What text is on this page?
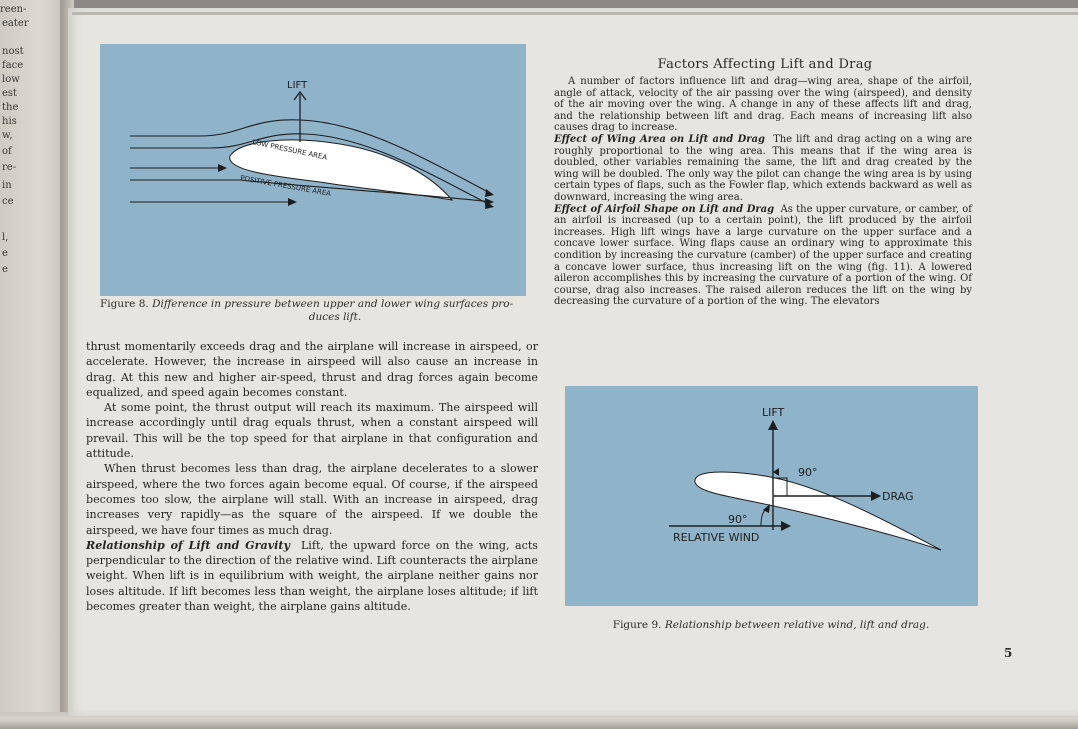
reen-
eater
nost
face
low
est
the
his
w,
of
re-
in
ce
l,
e
e
LIFT
LOW PRESSURE AREA
POSITIVE PRESSURE AREA
Figure 8. Difference in pressure between upper and lower wing surfaces pro-

duces lift.

thrust momentarily exceeds drag and the airplane will increase in airspeed, or accelerate. However, the increase in airspeed will also cause an increase in drag. At this new and higher air-speed, thrust and drag forces again become equalized, and speed again becomes constant.

At some point, the thrust output will reach its maximum. The airspeed will increase accordingly until drag equals thrust, when a constant airspeed will prevail. This will be the top speed for that airplane in that configuration and attitude.

When thrust becomes less than drag, the airplane decelerates to a slower airspeed, where the two forces again become equal. Of course, if the airspeed becomes too slow, the airplane will stall. With an increase in airspeed, drag increases very rapidly—as the square of the airspeed. If we double the airspeed, we have four times as much drag.

Relationship of Lift and Gravity Lift, the upward force on the wing, acts perpendicular to the direction of the relative wind. Lift counteracts the airplane weight. When lift is in equilibrium with weight, the airplane neither gains nor loses altitude. If lift becomes less than weight, the airplane loses altitude; if lift becomes greater than weight, the airplane gains altitude.

Factors Affecting Lift and Drag

A number of factors influence lift and drag—wing area, shape of the airfoil, angle of attack, velocity of the air passing over the wing (airspeed), and density of the air moving over the wing. A change in any of these affects lift and drag, and the relationship between lift and drag. Each means of increasing lift also causes drag to increase.

Effect of Wing Area on Lift and Drag The lift and drag acting on a wing are roughly proportional to the wing area. This means that if the wing area is doubled, other variables remaining the same, the lift and drag created by the wing will be doubled. The only way the pilot can change the wing area is by using certain types of flaps, such as the Fowler flap, which extends backward as well as downward, increasing the wing area.

Effect of Airfoil Shape on Lift and Drag As the upper curvature, or camber, of an airfoil is increased (up to a certain point), the lift produced by the airfoil increases. High lift wings have a large curvature on the upper surface and a concave lower surface. Wing flaps cause an ordinary wing to approximate this condition by increasing the curvature (camber) of the upper surface and creating a concave lower surface, thus increasing lift on the wing (fig. 11). A lowered aileron accomplishes this by increasing the curvature of a portion of the wing. Of course, drag also increases. The raised aileron reduces the lift on the wing by decreasing the curvature of a portion of the wing. The elevators

LIFT
DRAG
RELATIVE WIND
90°
90°
Figure 9. Relationship between relative wind, lift and drag.
5
